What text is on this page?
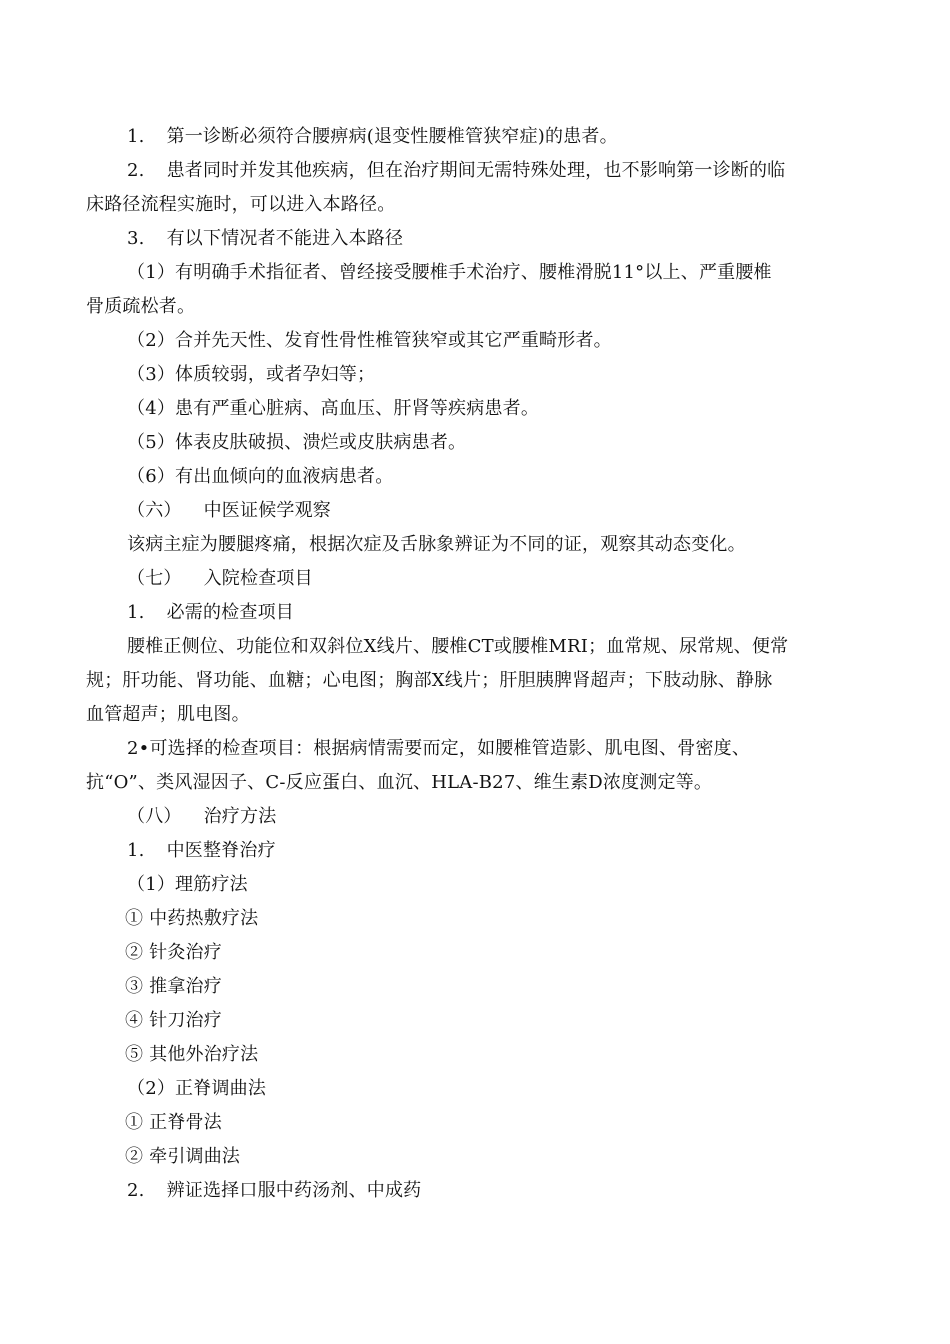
1. 第一诊断必须符合腰痹病(退变性腰椎管狭窄症)的患者。
2. 患者同时并发其他疾病，但在治疗期间无需特殊处理，也不影响第一诊断的临
床路径流程实施时，可以进入本路径。
3. 有以下情况者不能进入本路径
（1）有明确手术指征者、曾经接受腰椎手术治疗、腰椎滑脱11°以上、严重腰椎
骨质疏松者。
（2）合并先天性、发育性骨性椎管狭窄或其它严重畸形者。
（3）体质较弱，或者孕妇等；
（4）患有严重心脏病、高血压、肝肾等疾病患者。
（5）体表皮肤破损、溃烂或皮肤病患者。
（6）有出血倾向的血液病患者。
（六） 中医证候学观察
该病主症为腰腿疼痛，根据次症及舌脉象辨证为不同的证，观察其动态变化。
（七） 入院检查项目
1. 必需的检查项目
腰椎正侧位、功能位和双斜位X线片、腰椎CT或腰椎MRI；血常规、尿常规、便常
规；肝功能、肾功能、血糖；心电图；胸部X线片；肝胆胰脾肾超声；下肢动脉、静脉
血管超声；肌电图。
2•可选择的检查项目：根据病情需要而定，如腰椎管造影、肌电图、骨密度、
抗“O”、类风湿因子、C-反应蛋白、血沉、HLA-B27、维生素D浓度测定等。
（八） 治疗方法
1. 中医整脊治疗
（1）理筋疗法
① 中药热敷疗法
② 针灸治疗
③ 推拿治疗
④ 针刀治疗
⑤ 其他外治疗法
（2）正脊调曲法
① 正脊骨法
② 牵引调曲法
2. 辨证选择口服中药汤剂、中成药
